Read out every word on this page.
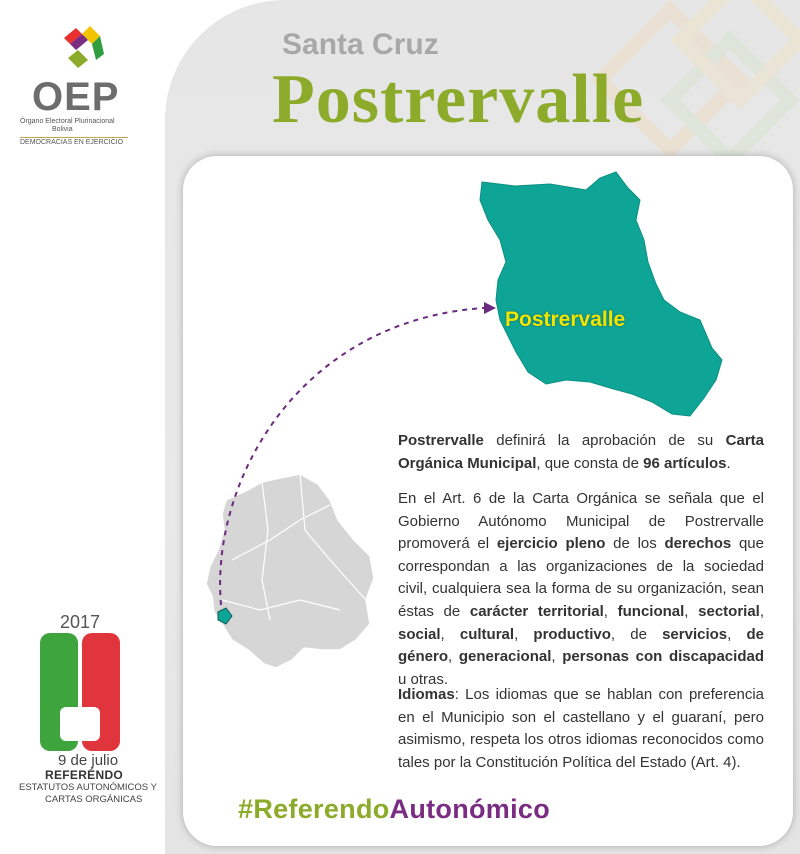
OEP
Órgano Electoral Plurinacional
Bolivia
DEMOCRACIAS EN EJERCICIO
Santa Cruz
Postrervalle
Postrervalle
Postrervalle definirá la aprobación de su Carta Orgánica Municipal, que consta de 96 artículos.
En el Art. 6 de la Carta Orgánica se señala que el Gobierno Autónomo Municipal de Postrervalle promoverá el ejercicio pleno de los derechos que correspondan a las organizaciones de la sociedad civil, cualquiera sea la forma de su organización, sean éstas de carácter territorial, funcional, sectorial, social, cultural, productivo, de servicios, de género, generacional, personas con discapacidad u otras.
Idiomas: Los idiomas que se hablan con preferencia en el Municipio son el castellano y el guaraní, pero asimismo, respeta los otros idiomas reconocidos como tales por la Constitución Política del Estado (Art. 4).
#ReferendoAutonómico
2017
9 de julio
REFERÉNDO
ESTATUTOS AUTONÓMICOS Y
CARTAS ORGÁNICAS
